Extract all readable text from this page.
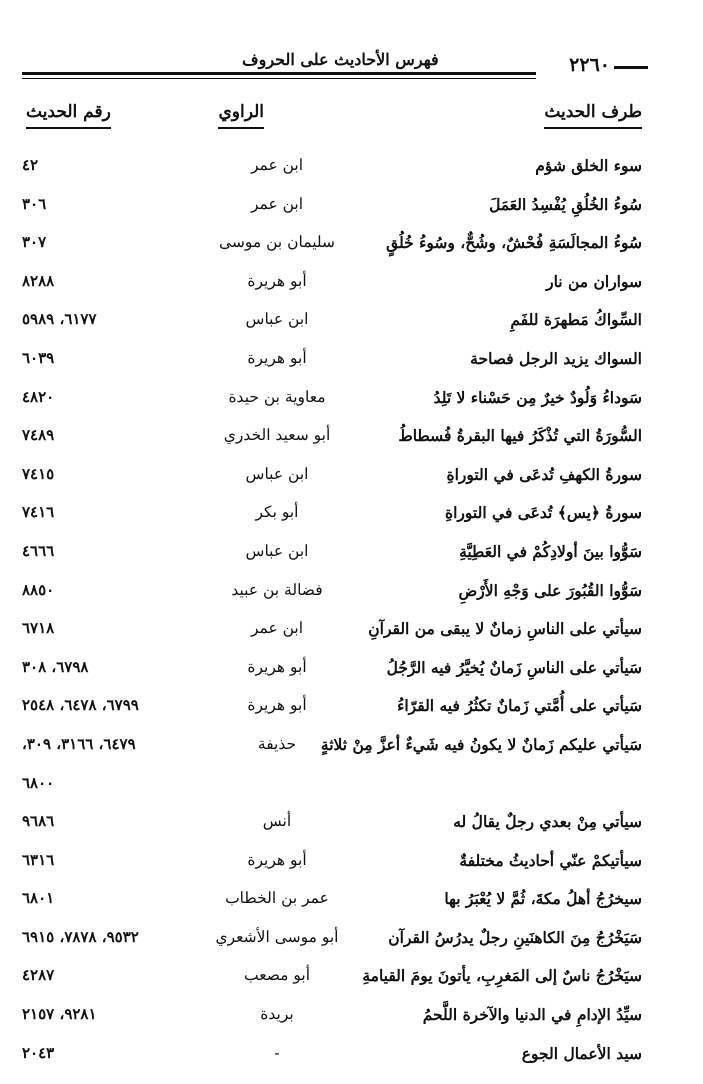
٢٢٦٠
فهرس الأحاديث على الحروف
طرف الحديث
الراوي
رقم الحديث
سوء الخلق شؤم
ابن عمر
٤٢
سُوءُ الخُلُقِ يُفْسِدُ العَمَلَ
ابن عمر
٣٠٦
سُوءُ المجالَسَةِ فُحْشٌ، وشُحٌّ، وسُوءُ خُلُقٍ
سليمان بن موسى
٣٠٧
سواران من نار
أبو هريرة
٨٢٨٨
السِّواكُ مَطهرَة للفَمِ
ابن عباس
٦١٧٧، ٥٩٨٩
السواك يزيد الرجل فصاحة
أبو هريرة
٦٠٣٩
سَوداءُ وَلُودٌ خيرٌ مِن حَسْناء لا تَلِدُ
معاوية بن حيدة
٤٨٢٠
السُّورَةُ التي تُذْكَرُ فيها البقرةُ فُسطاطُ
أبو سعيد الخدري
٧٤٨٩
سورةُ الكهفِ تُدعَى في التوراةِ
ابن عباس
٧٤١٥
سورةُ ﴿يس﴾ تُدعَى في التوراةِ
أبو بكر
٧٤١٦
سَوُّوا بينَ أولادِكُمْ في العَطِيَّةِ
ابن عباس
٤٦٦٦
سَوُّوا القُبُورَ على وَجْهِ الأَرْضِ
فضالة بن عبيد
٨٨٥٠
سيأتي على الناسِ زمانٌ لا يبقى من القرآنِ
ابن عمر
٦٧١٨
سَيأتي على الناسِ زَمانٌ يُخيَّرُ فيه الرَّجُلُ
أبو هريرة
٦٧٩٨، ٣٠٨
سَيأتي على أُمَّتي زَمانٌ تكثُرُ فيه القرّاءُ
أبو هريرة
٦٧٩٩، ٦٤٧٨، ٢٥٤٨
سَيأتي عليكم زَمانٌ لا يكونُ فيه شَيءٌ أعزَّ مِنْ ثلاثةٍ
حذيفة
٦٤٧٩، ٣١٦٦، ٣٠٩،
٦٨٠٠
سيأتي مِنْ بعدي رجلٌ يقالُ له
أنس
٩٦٨٦
سيأتيكمْ عنّي أحاديثُ مختلفةٌ
أبو هريرة
٦٣١٦
سيخرُجُ أهلُ مكةَ، ثُمَّ لا يُعْبَرُ بها
عمر بن الخطاب
٦٨٠١
سَيَخْرُجُ مِنَ الكاهنَينِ رجلٌ يدرُسُ القرآن
أبو موسى الأشعري
٩٥٣٢، ٧٨٧٨، ٦٩١٥
سيَخْرُجُ ناسٌ إلى المَغرِبِ، يأتونَ يومَ القيامةِ
أبو مصعب
٤٢٨٧
سيِّدُ الإدامِ في الدنيا والآخرة اللَّحمُ
بريدة
٩٢٨١، ٢١٥٧
سيد الأعمال الجوع
-
٢٠٤٣
